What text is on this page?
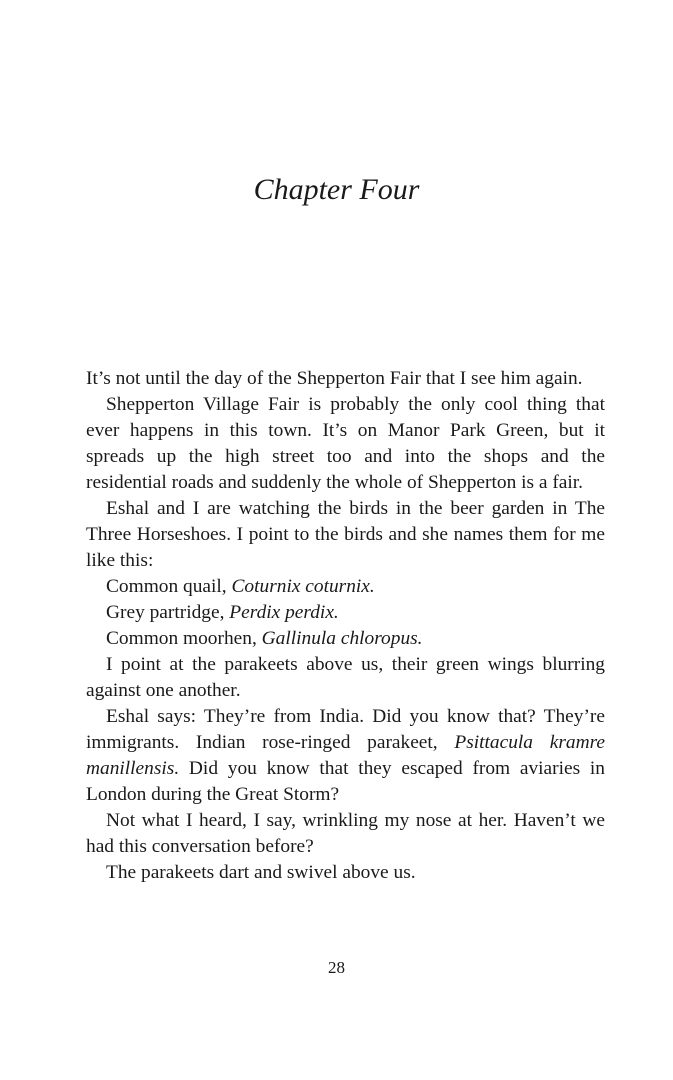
Chapter Four

It’s not until the day of the Shepperton Fair that I see him again.

Shepperton Village Fair is probably the only cool thing that ever happens in this town. It’s on Manor Park Green, but it spreads up the high street too and into the shops and the residential roads and suddenly the whole of Shepperton is a fair.

Eshal and I are watching the birds in the beer garden in The Three Horseshoes. I point to the birds and she names them for me like this:

Common quail, Coturnix coturnix.

Grey partridge, Perdix perdix.

Common moorhen, Gallinula chloropus.

I point at the parakeets above us, their green wings blurring against one another.

Eshal says: They’re from India. Did you know that? They’re immigrants. Indian rose-ringed parakeet, Psittacula kramre manillensis. Did you know that they escaped from aviaries in London during the Great Storm?

Not what I heard, I say, wrinkling my nose at her. Haven’t we had this conversation before?

The parakeets dart and swivel above us.

28
